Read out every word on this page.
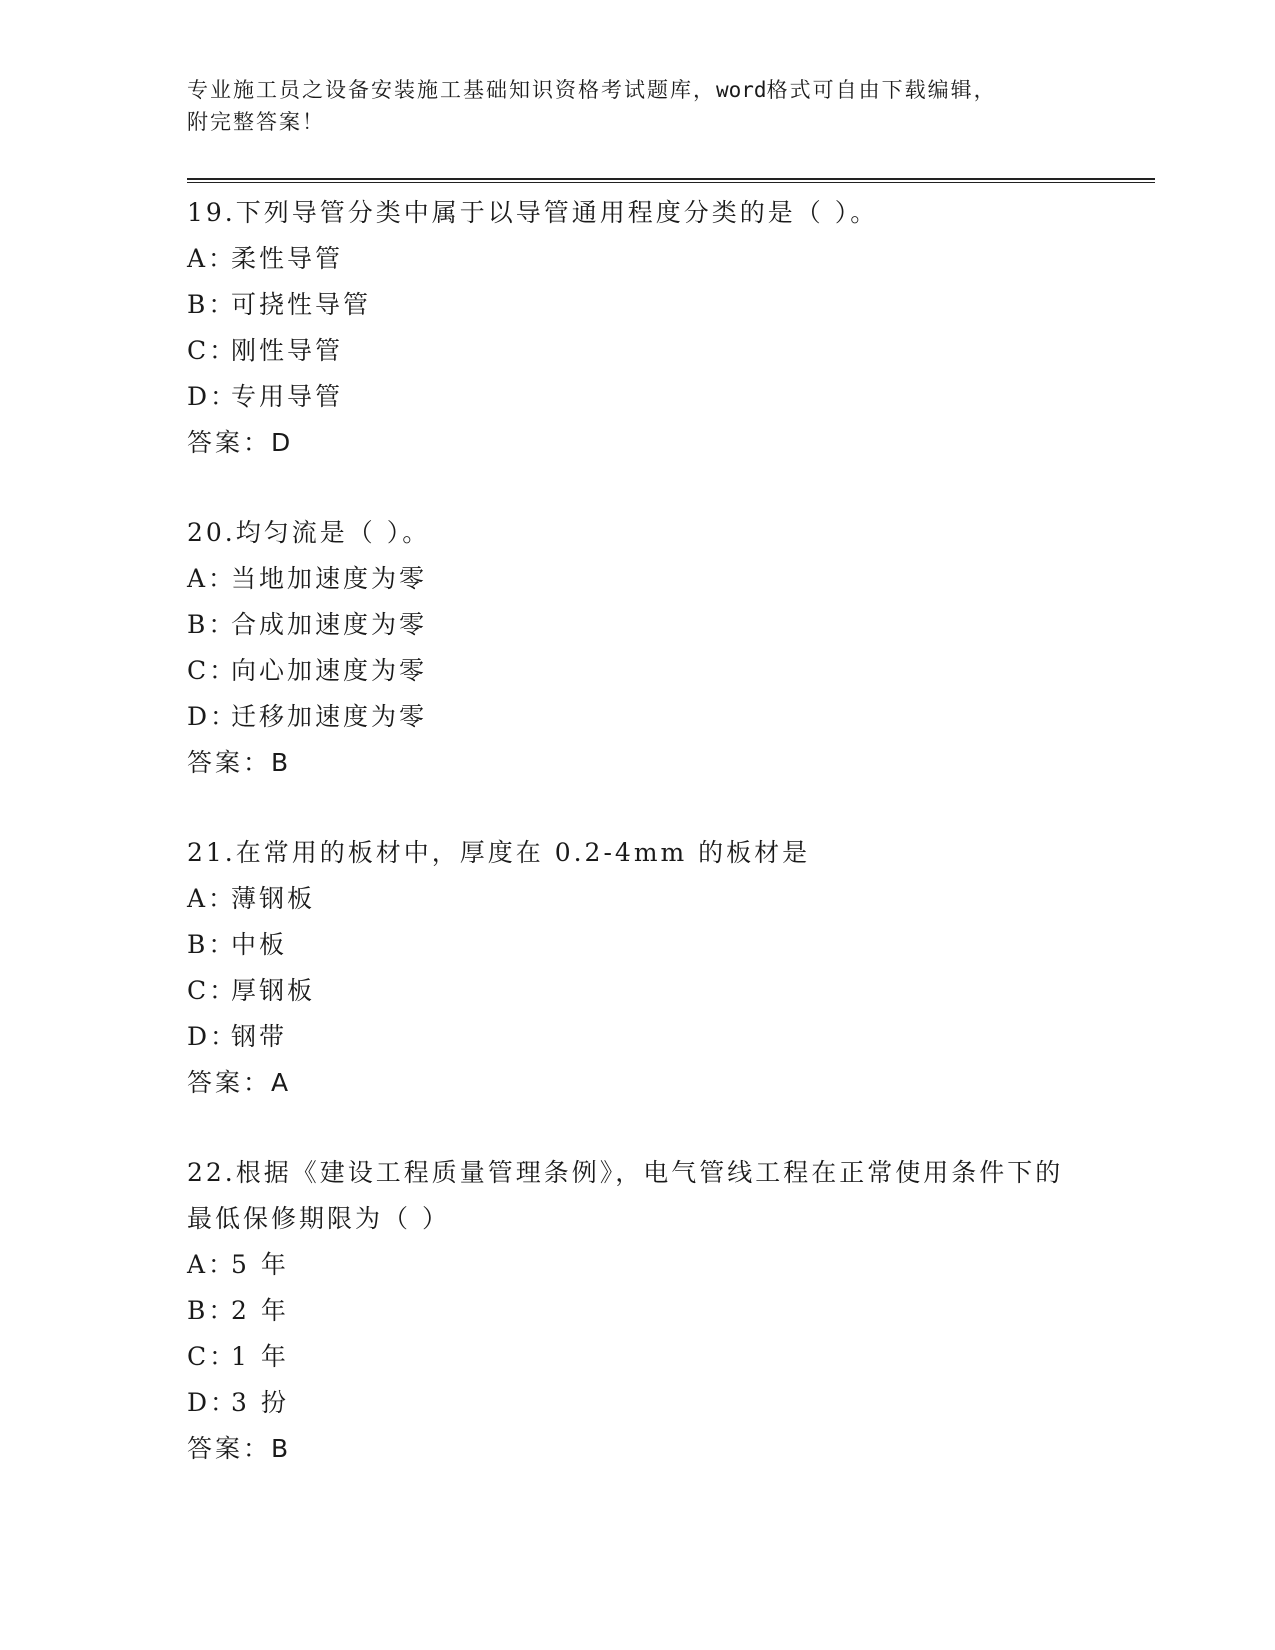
专业施工员之设备安装施工基础知识资格考试题库，word格式可自由下载编辑，
附完整答案！
19.下列导管分类中属于以导管通用程度分类的是（ ）。
A：柔性导管
B：可挠性导管
C：刚性导管
D：专用导管
答案：D
20.均匀流是（ ）。
A：当地加速度为零
B：合成加速度为零
C：向心加速度为零
D：迁移加速度为零
答案：B
21.在常用的板材中，厚度在 0.2-4mm 的板材是
A：薄钢板
B：中板
C：厚钢板
D：钢带
答案：A
22.根据《建设工程质量管理条例》，电气管线工程在正常使用条件下的最低保修期限为（ ）
A：5 年
B：2 年
C：1 年
D：3 扮
答案：B
